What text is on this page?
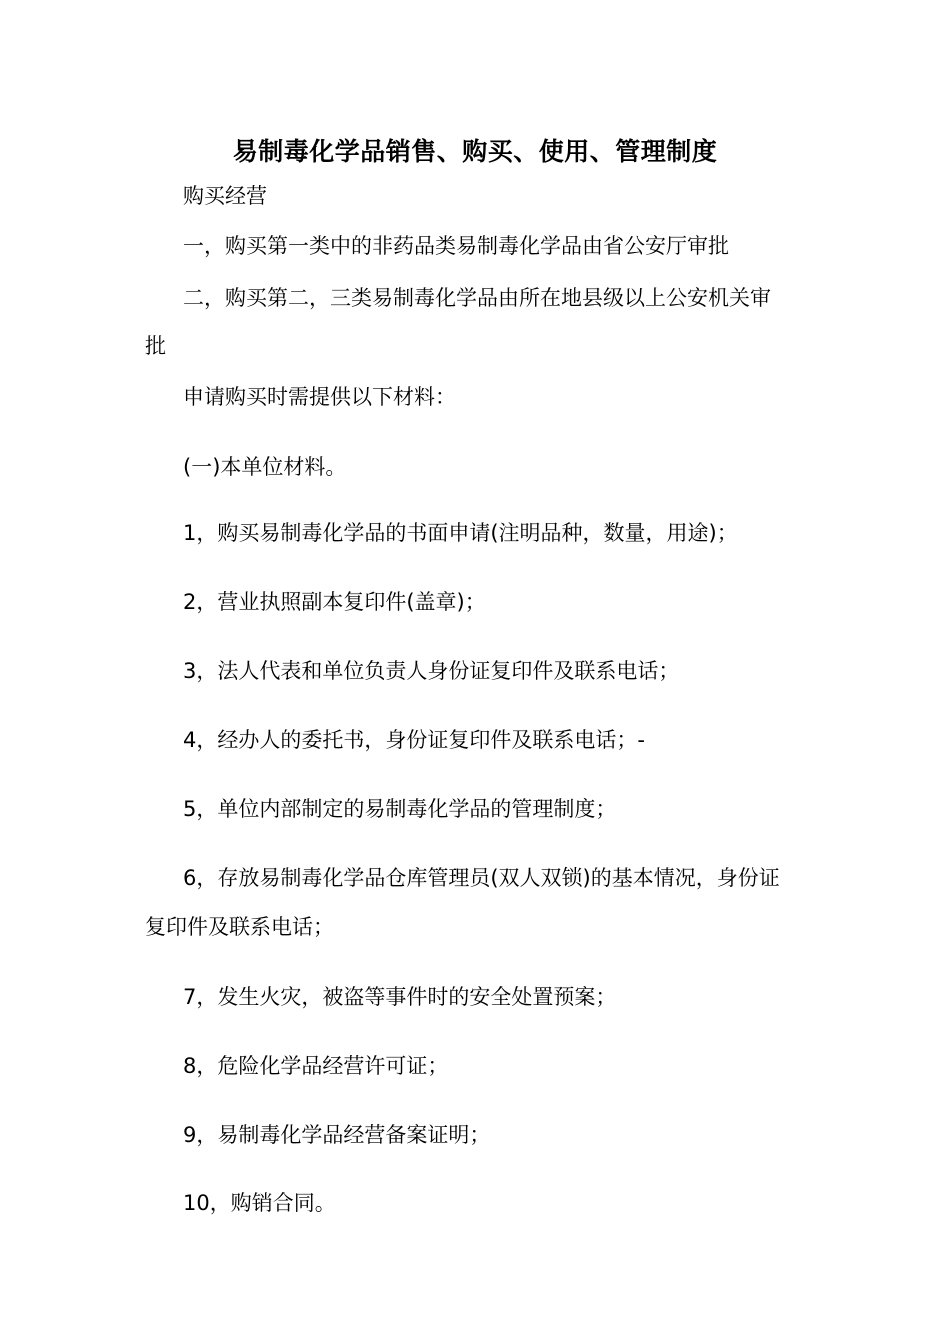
易制毒化学品销售、购买、使用、管理制度
购买经营
一，购买第一类中的非药品类易制毒化学品由省公安厅审批
二，购买第二，三类易制毒化学品由所在地县级以上公安机关审
批
申请购买时需提供以下材料：
(一)本单位材料。
1，购买易制毒化学品的书面申请(注明品种，数量，用途)；
2，营业执照副本复印件(盖章)；
3，法人代表和单位负责人身份证复印件及联系电话；
4，经办人的委托书，身份证复印件及联系电话；-
5，单位内部制定的易制毒化学品的管理制度；
6，存放易制毒化学品仓库管理员(双人双锁)的基本情况，身份证
复印件及联系电话；
7，发生火灾，被盗等事件时的安全处置预案；
8，危险化学品经营许可证；
9，易制毒化学品经营备案证明；
10，购销合同。
